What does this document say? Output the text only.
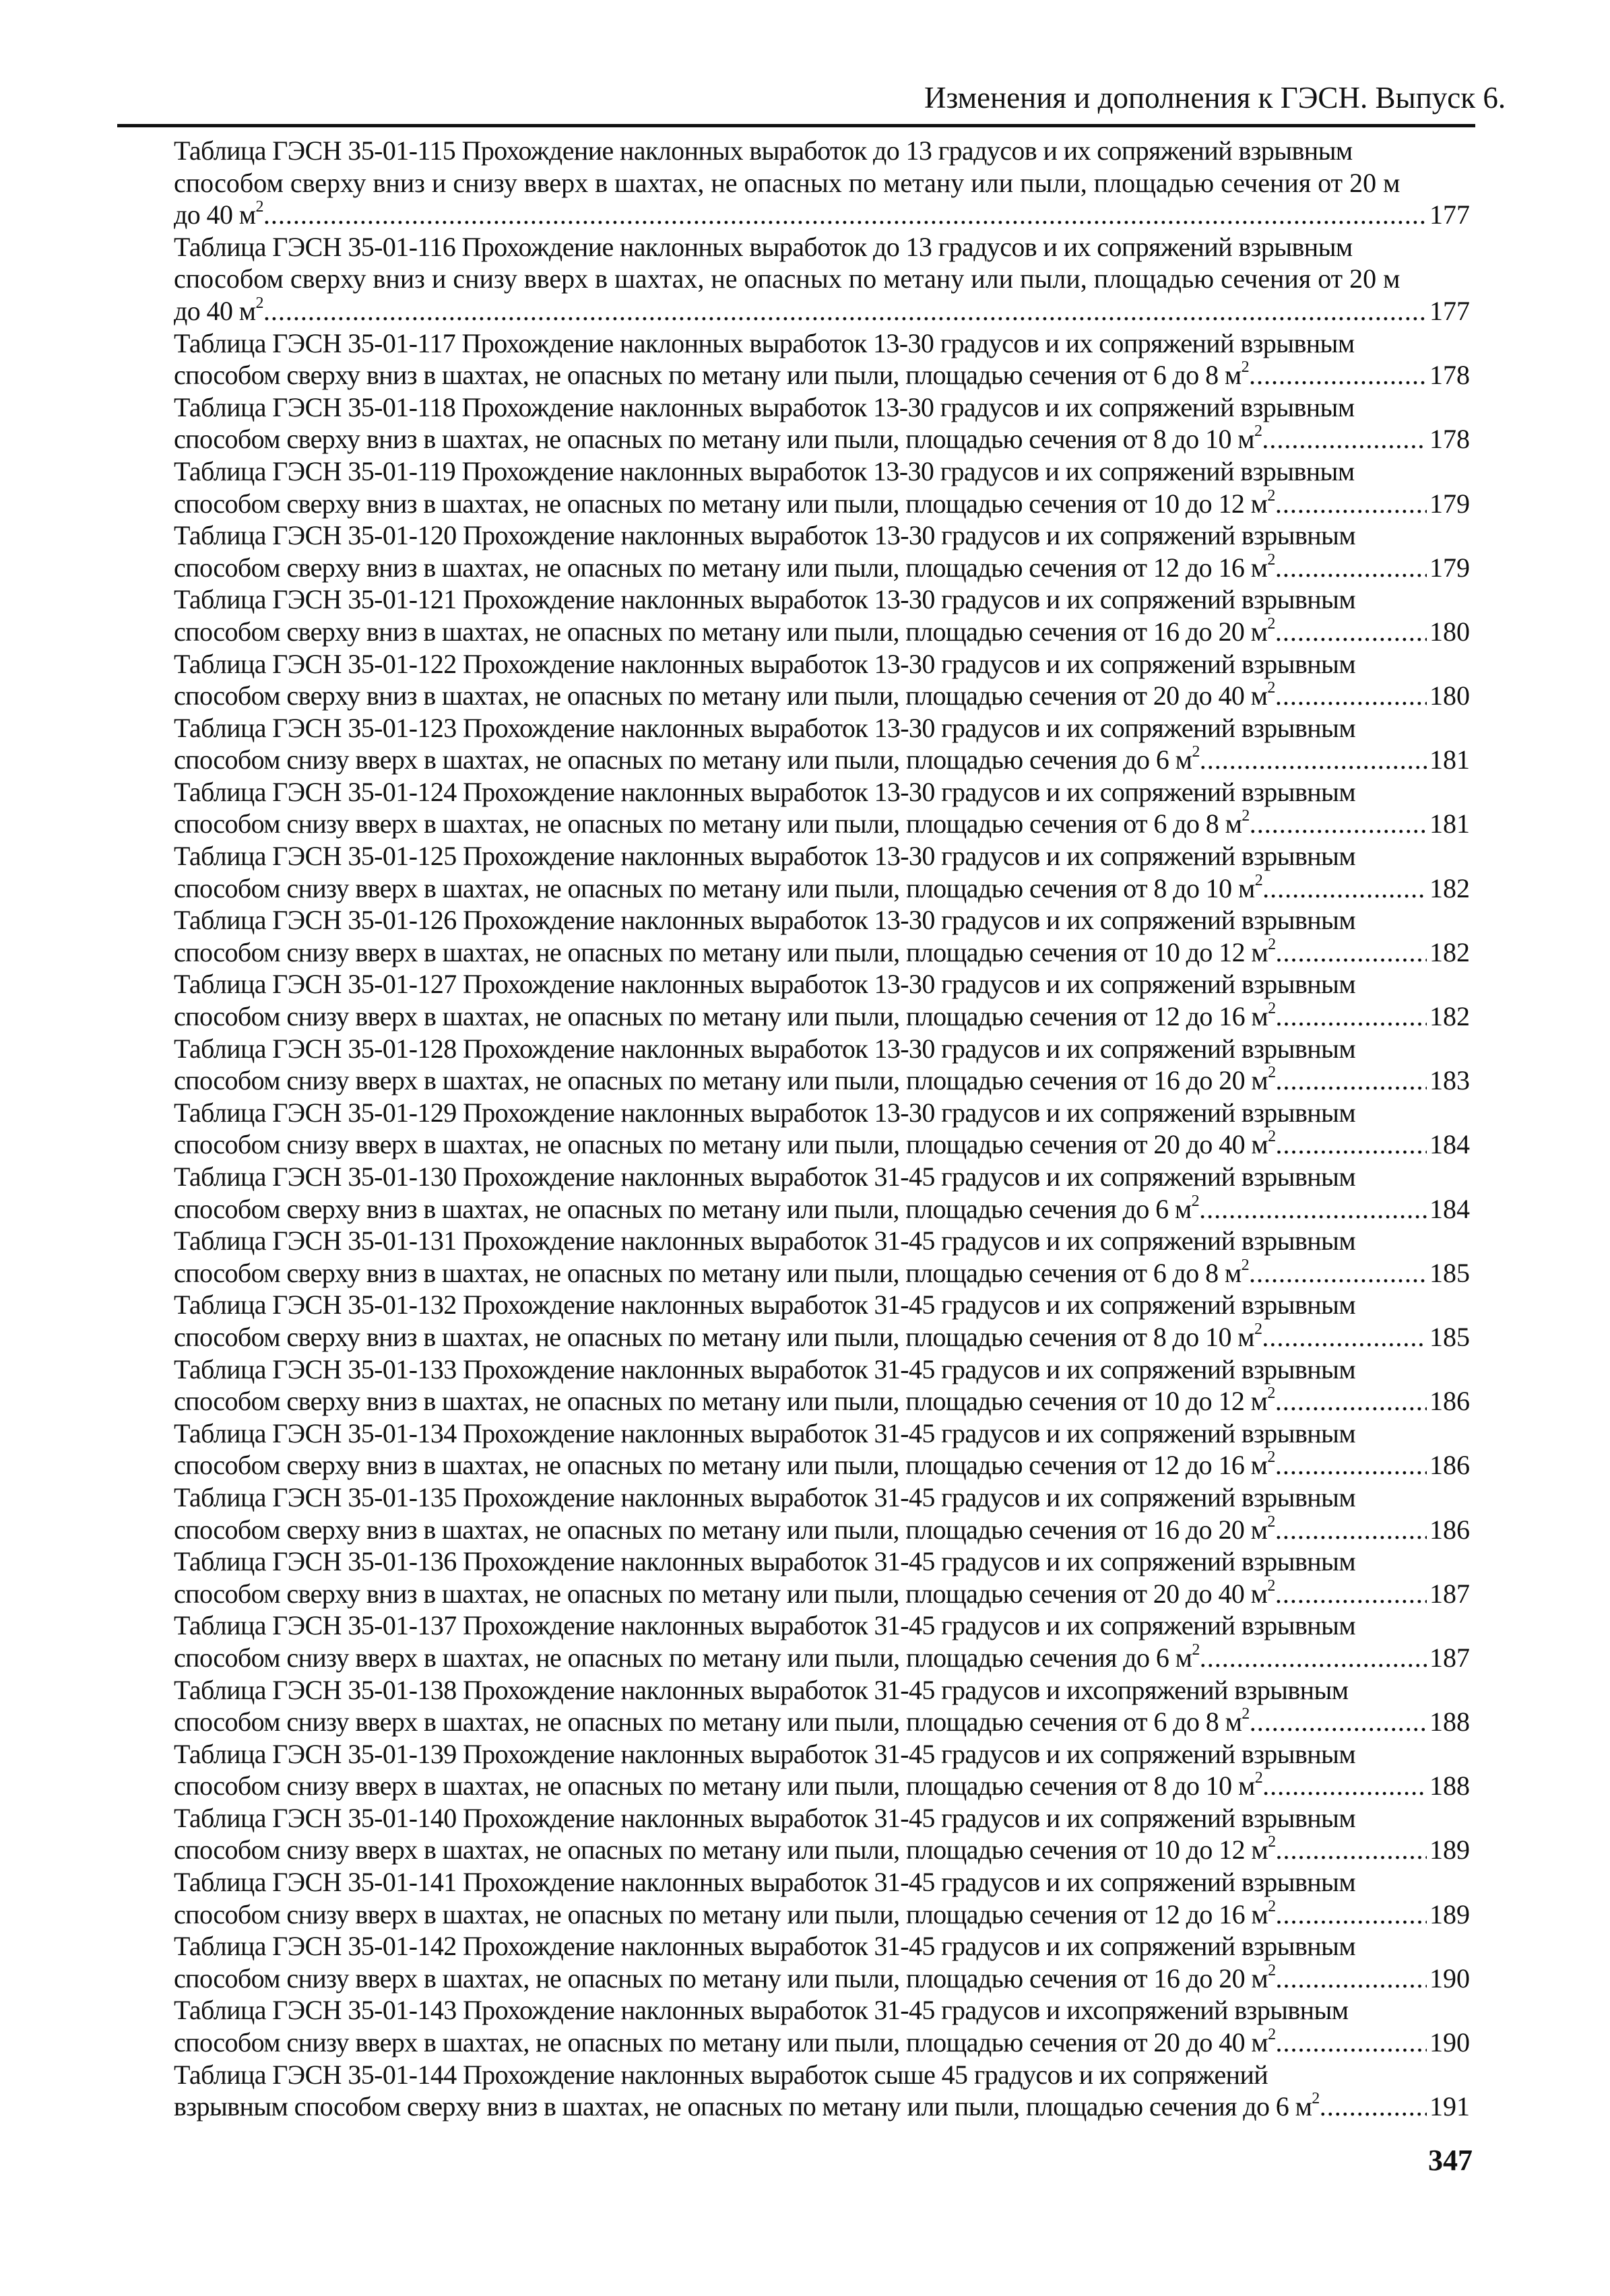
Изменения и дополнения к ГЭСН. Выпуск 6.
Таблица ГЭСН 35-01-115 Прохождение наклонных выработок до 13 градусов и их сопряжений взрывным
способом сверху вниз и снизу вверх в шахтах, не опасных по метану или пыли, площадью сечения от 20 м
до 40 $м^2$ .....	177
Таблица ГЭСН 35-01-116 Прохождение наклонных выработок до 13 градусов и их сопряжений взрывным
способом сверху вниз и снизу вверх в шахтах, не опасных по метану или пыли, площадью сечения от 20 м
до 40 $м^2$ .....	177
Таблица ГЭСН 35-01-117 Прохождение наклонных выработок 13-30 градусов и их сопряжений взрывным
способом сверху вниз в шахтах, не опасных по метану или пыли, площадью сечения от 6 до 8 $м^2$ .....	178
Таблица ГЭСН 35-01-118 Прохождение наклонных выработок 13-30 градусов и их сопряжений взрывным
способом сверху вниз в шахтах, не опасных по метану или пыли, площадью сечения от 8 до 10 $м^2$ .....	178
Таблица ГЭСН 35-01-119 Прохождение наклонных выработок 13-30 градусов и их сопряжений взрывным
способом сверху вниз в шахтах, не опасных по метану или пыли, площадью сечения от 10 до 12 $м^2$ .....	179
Таблица ГЭСН 35-01-120 Прохождение наклонных выработок 13-30 градусов и их сопряжений взрывным
способом сверху вниз в шахтах, не опасных по метану или пыли, площадью сечения от 12 до 16 $м^2$ .....	179
Таблица ГЭСН 35-01-121 Прохождение наклонных выработок 13-30 градусов и их сопряжений взрывным
способом сверху вниз в шахтах, не опасных по метану или пыли, площадью сечения от 16 до 20 $м^2$ .....	180
Таблица ГЭСН 35-01-122 Прохождение наклонных выработок 13-30 градусов и их сопряжений взрывным
способом сверху вниз в шахтах, не опасных по метану или пыли, площадью сечения от 20 до 40 $м^2$ .....	180
Таблица ГЭСН 35-01-123 Прохождение наклонных выработок 13-30 градусов и их сопряжений взрывным
способом снизу вверх в шахтах, не опасных по метану или пыли, площадью сечения до 6 $м^2$ .....	181
Таблица ГЭСН 35-01-124 Прохождение наклонных выработок 13-30 градусов и их сопряжений взрывным
способом снизу вверх в шахтах, не опасных по метану или пыли, площадью сечения от 6 до 8 $м^2$ .....	181
Таблица ГЭСН 35-01-125 Прохождение наклонных выработок 13-30 градусов и их сопряжений взрывным
способом снизу вверх в шахтах, не опасных по метану или пыли, площадью сечения от 8 до 10 $м^2$ .....	182
Таблица ГЭСН 35-01-126 Прохождение наклонных выработок 13-30 градусов и их сопряжений взрывным
способом снизу вверх в шахтах, не опасных по метану или пыли, площадью сечения от 10 до 12 $м^2$ .....	182
Таблица ГЭСН 35-01-127 Прохождение наклонных выработок 13-30 градусов и их сопряжений взрывным
способом снизу вверх в шахтах, не опасных по метану или пыли, площадью сечения от 12 до 16 $м^2$ .....	182
Таблица ГЭСН 35-01-128 Прохождение наклонных выработок 13-30 градусов и их сопряжений взрывным
способом снизу вверх в шахтах, не опасных по метану или пыли, площадью сечения от 16 до 20 $м^2$ .....	183
Таблица ГЭСН 35-01-129 Прохождение наклонных выработок 13-30 градусов и их сопряжений взрывным
способом снизу вверх в шахтах, не опасных по метану или пыли, площадью сечения от 20 до 40 $м^2$ .....	184
Таблица ГЭСН 35-01-130 Прохождение наклонных выработок 31-45 градусов и их сопряжений взрывным
способом сверху вниз в шахтах, не опасных по метану или пыли, площадью сечения до 6 $м^2$ .....	184
Таблица ГЭСН 35-01-131 Прохождение наклонных выработок 31-45 градусов и их сопряжений взрывным
способом сверху вниз в шахтах, не опасных по метану или пыли, площадью сечения от 6 до 8 $м^2$ .....	185
Таблица ГЭСН 35-01-132 Прохождение наклонных выработок 31-45 градусов и их сопряжений взрывным
способом сверху вниз в шахтах, не опасных по метану или пыли, площадью сечения от 8 до 10 $м^2$ .....	185
Таблица ГЭСН 35-01-133 Прохождение наклонных выработок 31-45 градусов и их сопряжений взрывным
способом сверху вниз в шахтах, не опасных по метану или пыли, площадью сечения от 10 до 12 $м^2$ .....	186
Таблица ГЭСН 35-01-134 Прохождение наклонных выработок 31-45 градусов и их сопряжений взрывным
способом сверху вниз в шахтах, не опасных по метану или пыли, площадью сечения от 12 до 16 $м^2$ .....	186
Таблица ГЭСН 35-01-135 Прохождение наклонных выработок 31-45 градусов и их сопряжений взрывным
способом сверху вниз в шахтах, не опасных по метану или пыли, площадью сечения от 16 до 20 $м^2$ .....	186
Таблица ГЭСН 35-01-136 Прохождение наклонных выработок 31-45 градусов и их сопряжений взрывным
способом сверху вниз в шахтах, не опасных по метану или пыли, площадью сечения от 20 до 40 $м^2$ .....	187
Таблица ГЭСН 35-01-137 Прохождение наклонных выработок 31-45 градусов и их сопряжений взрывным
способом снизу вверх в шахтах, не опасных по метану или пыли, площадью сечения до 6 $м^2$ .....	187
Таблица ГЭСН 35-01-138 Прохождение наклонных выработок 31-45 градусов и ихсопряжений взрывным
способом снизу вверх в шахтах, не опасных по метану или пыли, площадью сечения от 6 до 8 $м^2$ .....	188
Таблица ГЭСН 35-01-139 Прохождение наклонных выработок 31-45 градусов и их сопряжений взрывным
способом снизу вверх в шахтах, не опасных по метану или пыли, площадью сечения от 8 до 10 $м^2$ .....	188
Таблица ГЭСН 35-01-140 Прохождение наклонных выработок 31-45 градусов и их сопряжений взрывным
способом снизу вверх в шахтах, не опасных по метану или пыли, площадью сечения от 10 до 12 $м^2$ .....	189
Таблица ГЭСН 35-01-141 Прохождение наклонных выработок 31-45 градусов и их сопряжений взрывным
способом снизу вверх в шахтах, не опасных по метану или пыли, площадью сечения от 12 до 16 $м^2$ .....	189
Таблица ГЭСН 35-01-142 Прохождение наклонных выработок 31-45 градусов и их сопряжений взрывным
способом снизу вверх в шахтах, не опасных по метану или пыли, площадью сечения от 16 до 20 $м^2$ .....	190
Таблица ГЭСН 35-01-143 Прохождение наклонных выработок 31-45 градусов и ихсопряжений взрывным
способом снизу вверх в шахтах, не опасных по метану или пыли, площадью сечения от 20 до 40 $м^2$ .....	190
Таблица ГЭСН 35-01-144 Прохождение наклонных выработок сыше 45 градусов и их сопряжений
взрывным способом сверху вниз в шахтах, не опасных по метану или пыли, площадью сечения до 6 $м^2$ .....	191
347
